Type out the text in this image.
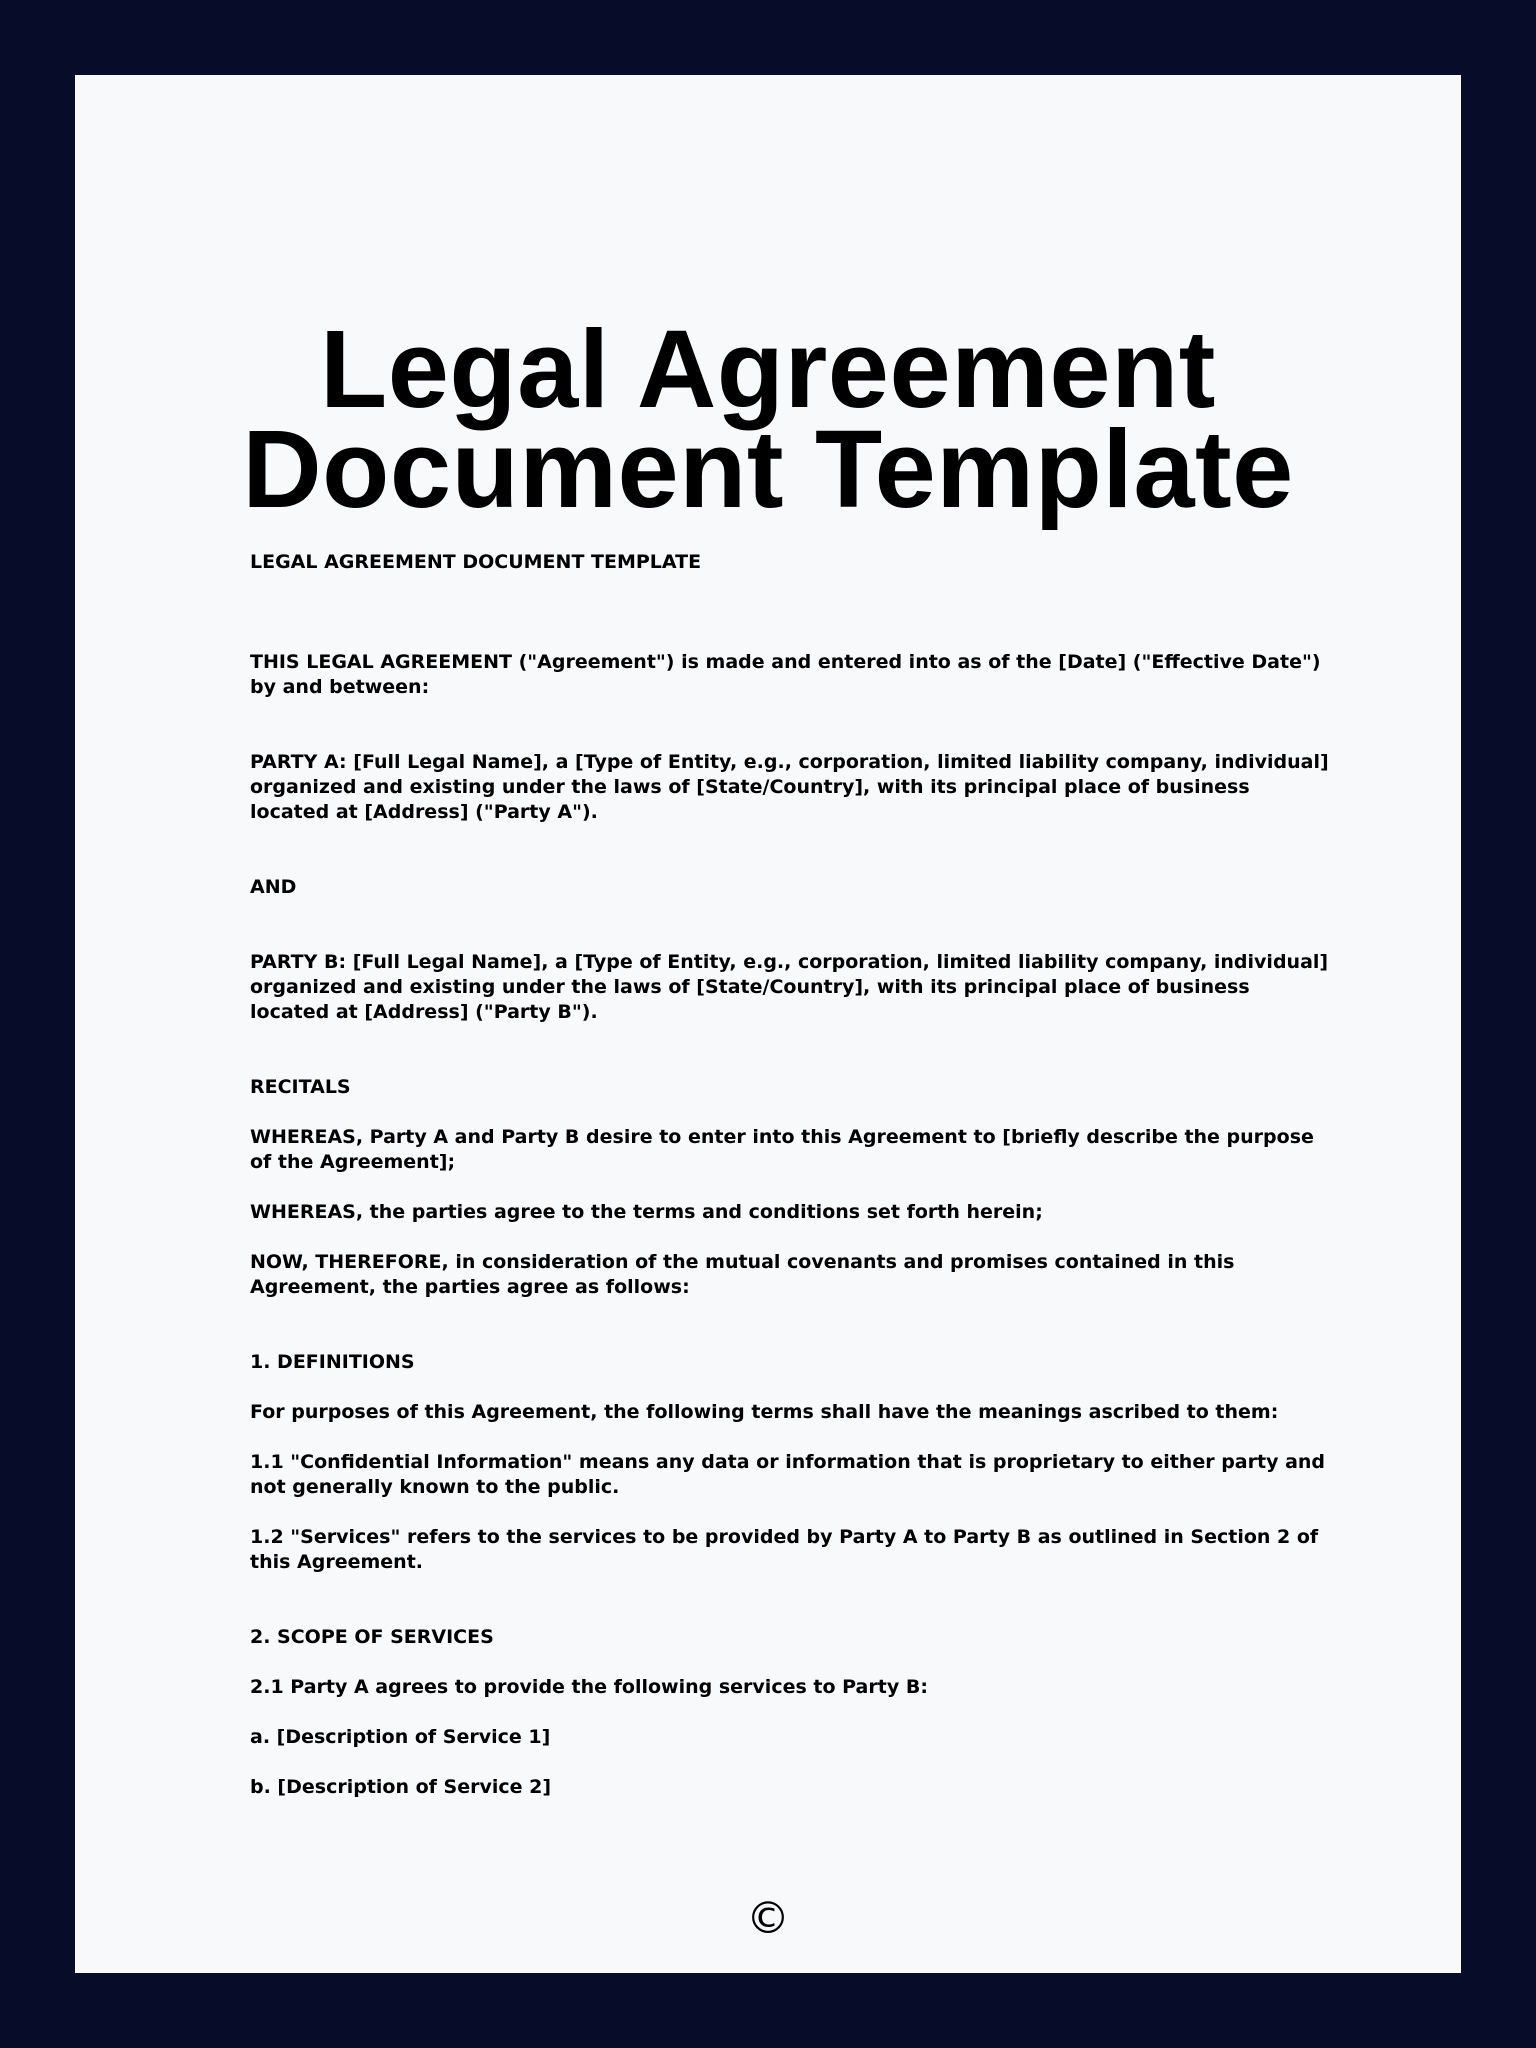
Legal Agreement Document Template

LEGAL AGREEMENT DOCUMENT TEMPLATE

THIS LEGAL AGREEMENT ("Agreement") is made and entered into as of the [Date] ("Effective Date") by and between:

PARTY A: [Full Legal Name], a [Type of Entity, e.g., corporation, limited liability company, individual] organized and existing under the laws of [State/Country], with its principal place of business located at [Address] ("Party A").

AND

PARTY B: [Full Legal Name], a [Type of Entity, e.g., corporation, limited liability company, individual] organized and existing under the laws of [State/Country], with its principal place of business located at [Address] ("Party B").

RECITALS

WHEREAS, Party A and Party B desire to enter into this Agreement to [briefly describe the purpose of the Agreement];

WHEREAS, the parties agree to the terms and conditions set forth herein;

NOW, THEREFORE, in consideration of the mutual covenants and promises contained in this Agreement, the parties agree as follows:

1. DEFINITIONS

For purposes of this Agreement, the following terms shall have the meanings ascribed to them:

1.1 "Confidential Information" means any data or information that is proprietary to either party and not generally known to the public.

1.2 "Services" refers to the services to be provided by Party A to Party B as outlined in Section 2 of this Agreement.

2. SCOPE OF SERVICES

2.1 Party A agrees to provide the following services to Party B:

a. [Description of Service 1]

b. [Description of Service 2]

©
